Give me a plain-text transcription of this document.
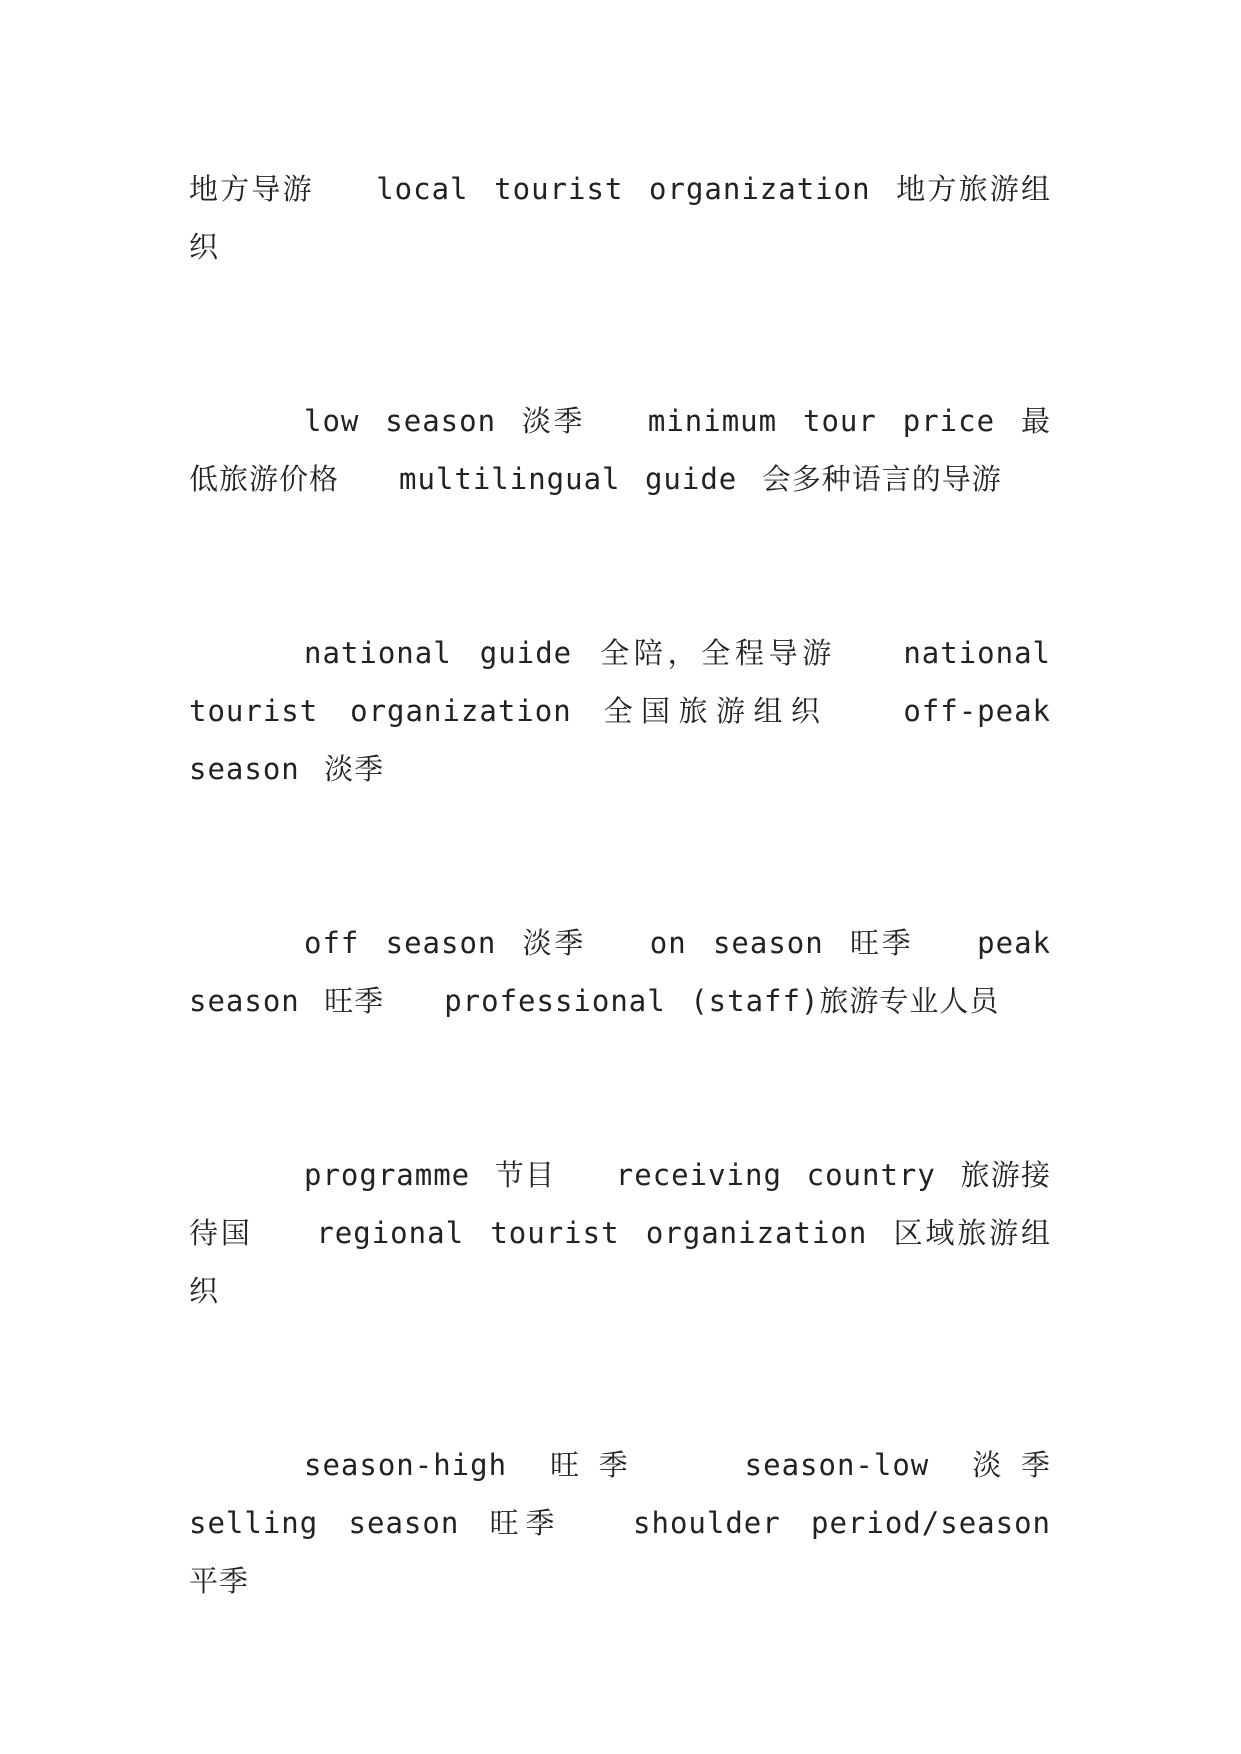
地方导游　　local tourist organization 地方旅游组织

low season 淡季　　minimum tour price 最低旅游价格　　multilingual guide 会多种语言的导游

national guide 全陪，全程导游　　national tourist organization 全国旅游组织　　off-peak season 淡季

off season 淡季　　on season 旺季　　peak season 旺季　　professional (staff)旅游专业人员

programme 节目　　receiving country 旅游接待国　　regional tourist organization 区域旅游组织

season-high 旺季　　season-low 淡季　　selling season 旺季　　shoulder period/season 平季
